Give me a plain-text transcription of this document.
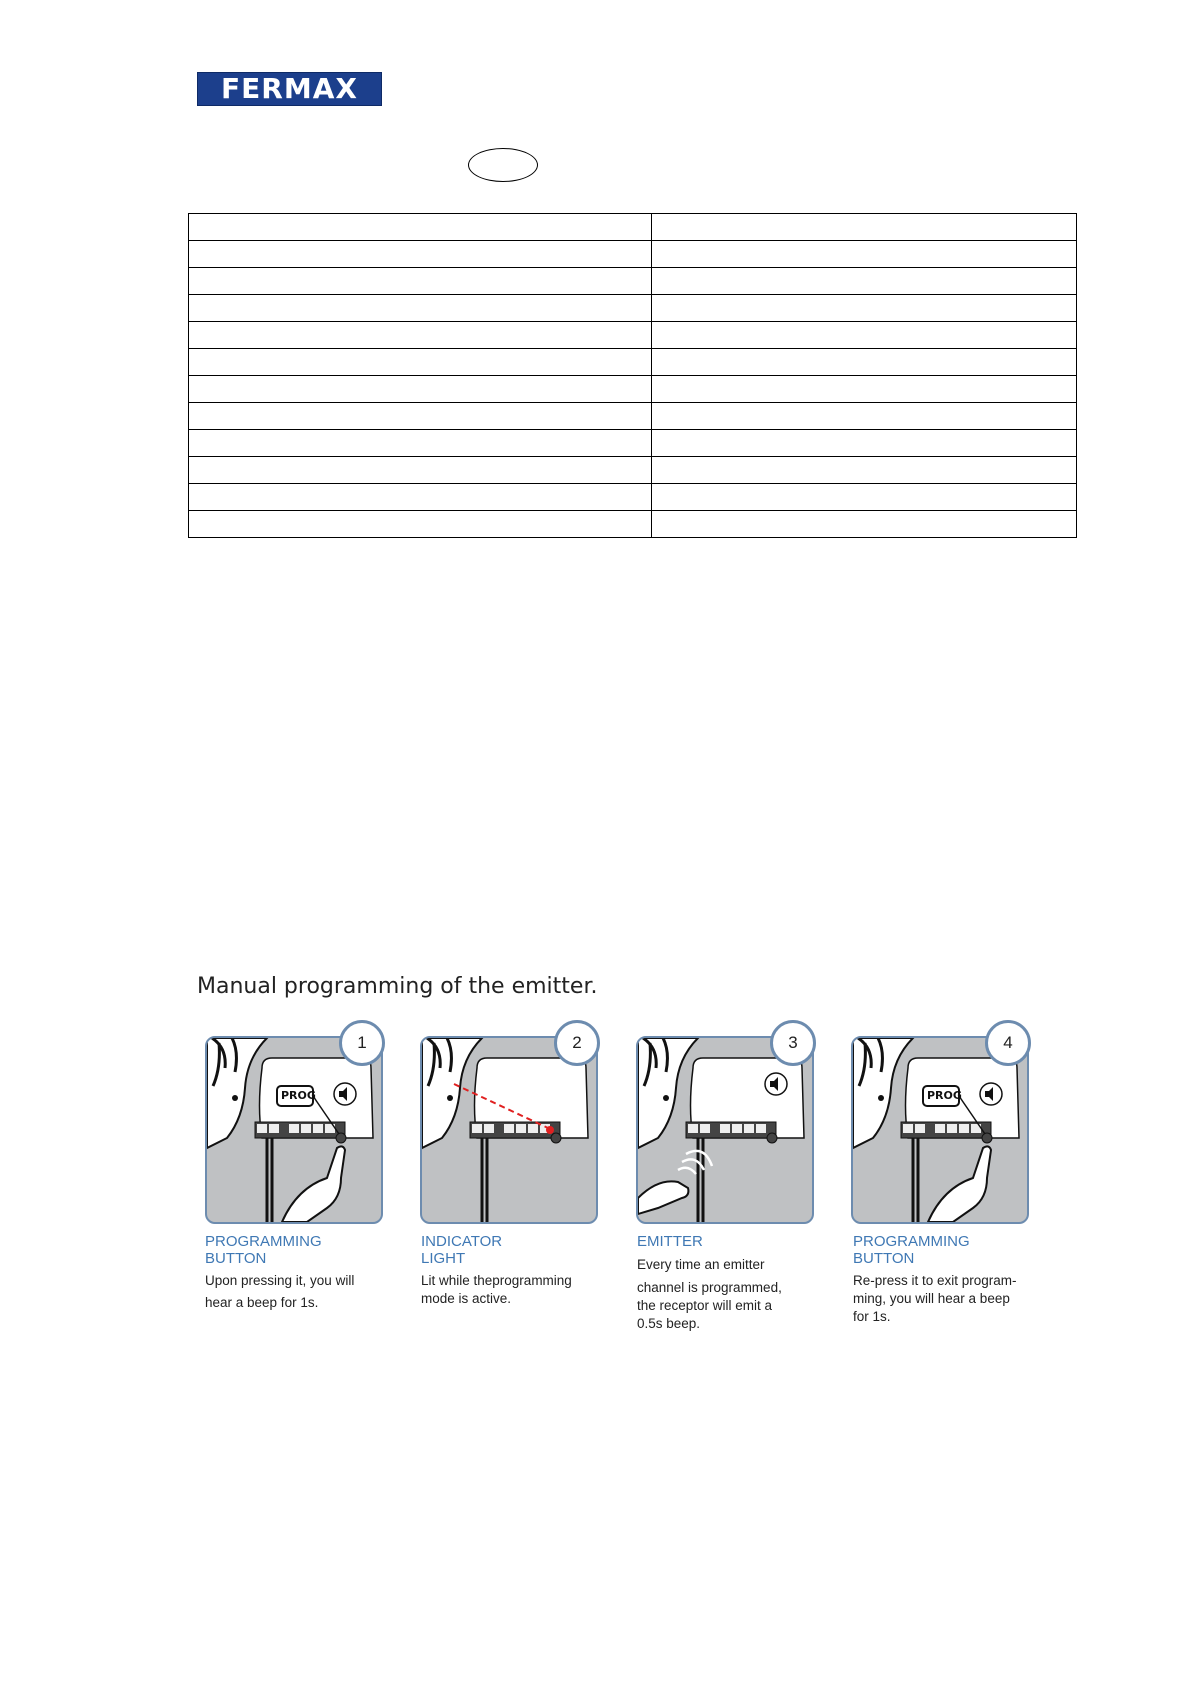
FERMAX

Manual programming of the emitter.
PROG
1	2	3
PROG
4
PROGRAMMING
BUTTON
Upon pressing it, you will
hear a beep for 1s.
INDICATOR
LIGHT
Lit while theprogramming
mode is active.
EMITTER
Every time an emitter
channel is programmed,
the receptor will emit a
0.5s beep.
PROGRAMMING
BUTTON
Re-press it to exit program-
ming, you will hear a beep
for 1s.
